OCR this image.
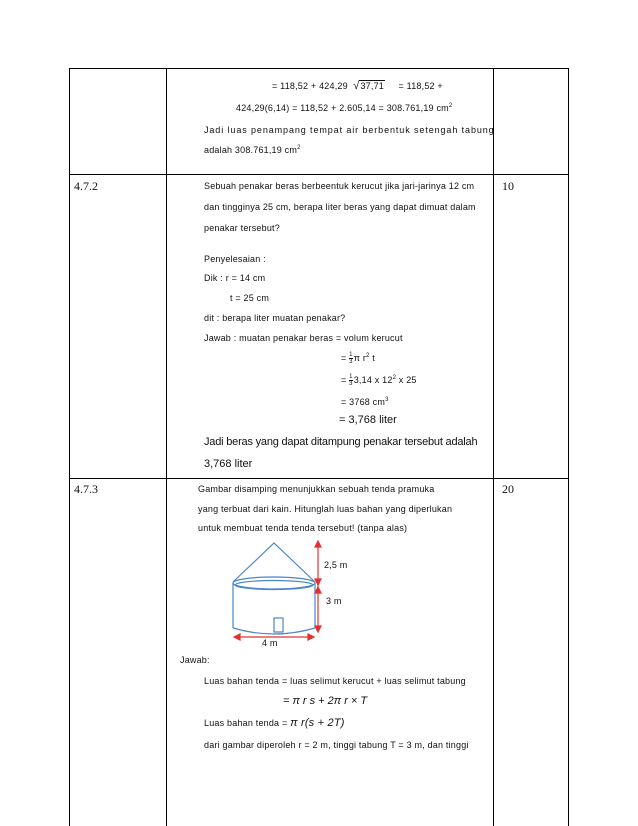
= 118,52 + 424,29 √37,71 = 118,52 +
424,29(6,14) = 118,52 + 2.605,14 = 308.761,19 $cm^2$
Jadi luas penampang tempat air berbentuk setengah tabung
adalah 308.761,19 $cm^2$
4.7.2	10
Sebuah penakar beras berbeentuk kerucut jika jari-jarinya 12 cm
dan tingginya 25 cm, berapa liter beras yang dapat dimuat dalam
penakar tersebut?
Penyelesaian :
Dik : r = 14 cm
t = 25 cm
dit : berapa liter muatan penakar?
Jawab : muatan penakar beras = volum kerucut
= $\frac{1}{3}$ π $r^2$ t
= $\frac{1}{3} 3,14$ x $12^2$ x 25
= 3768 $cm^3$
= 3,768 liter
Jadi beras yang dapat ditampung penakar tersebut adalah
3,768 liter
4.7.3	20
Gambar disamping menunjukkan sebuah tenda pramuka
yang terbuat dari kain. Hitunglah luas bahan yang diperlukan
untuk membuat tenda tenda tersebut! (tanpa alas)
2,5 m
3 m
4 m
Jawab:
Luas bahan tenda = luas selimut kerucut + luas selimut tabung
= π r s + 2π r × T
Luas bahan tenda = π r(s + 2T)
dari gambar diperoleh r = 2 m, tinggi tabung T = 3 m, dan tinggi
